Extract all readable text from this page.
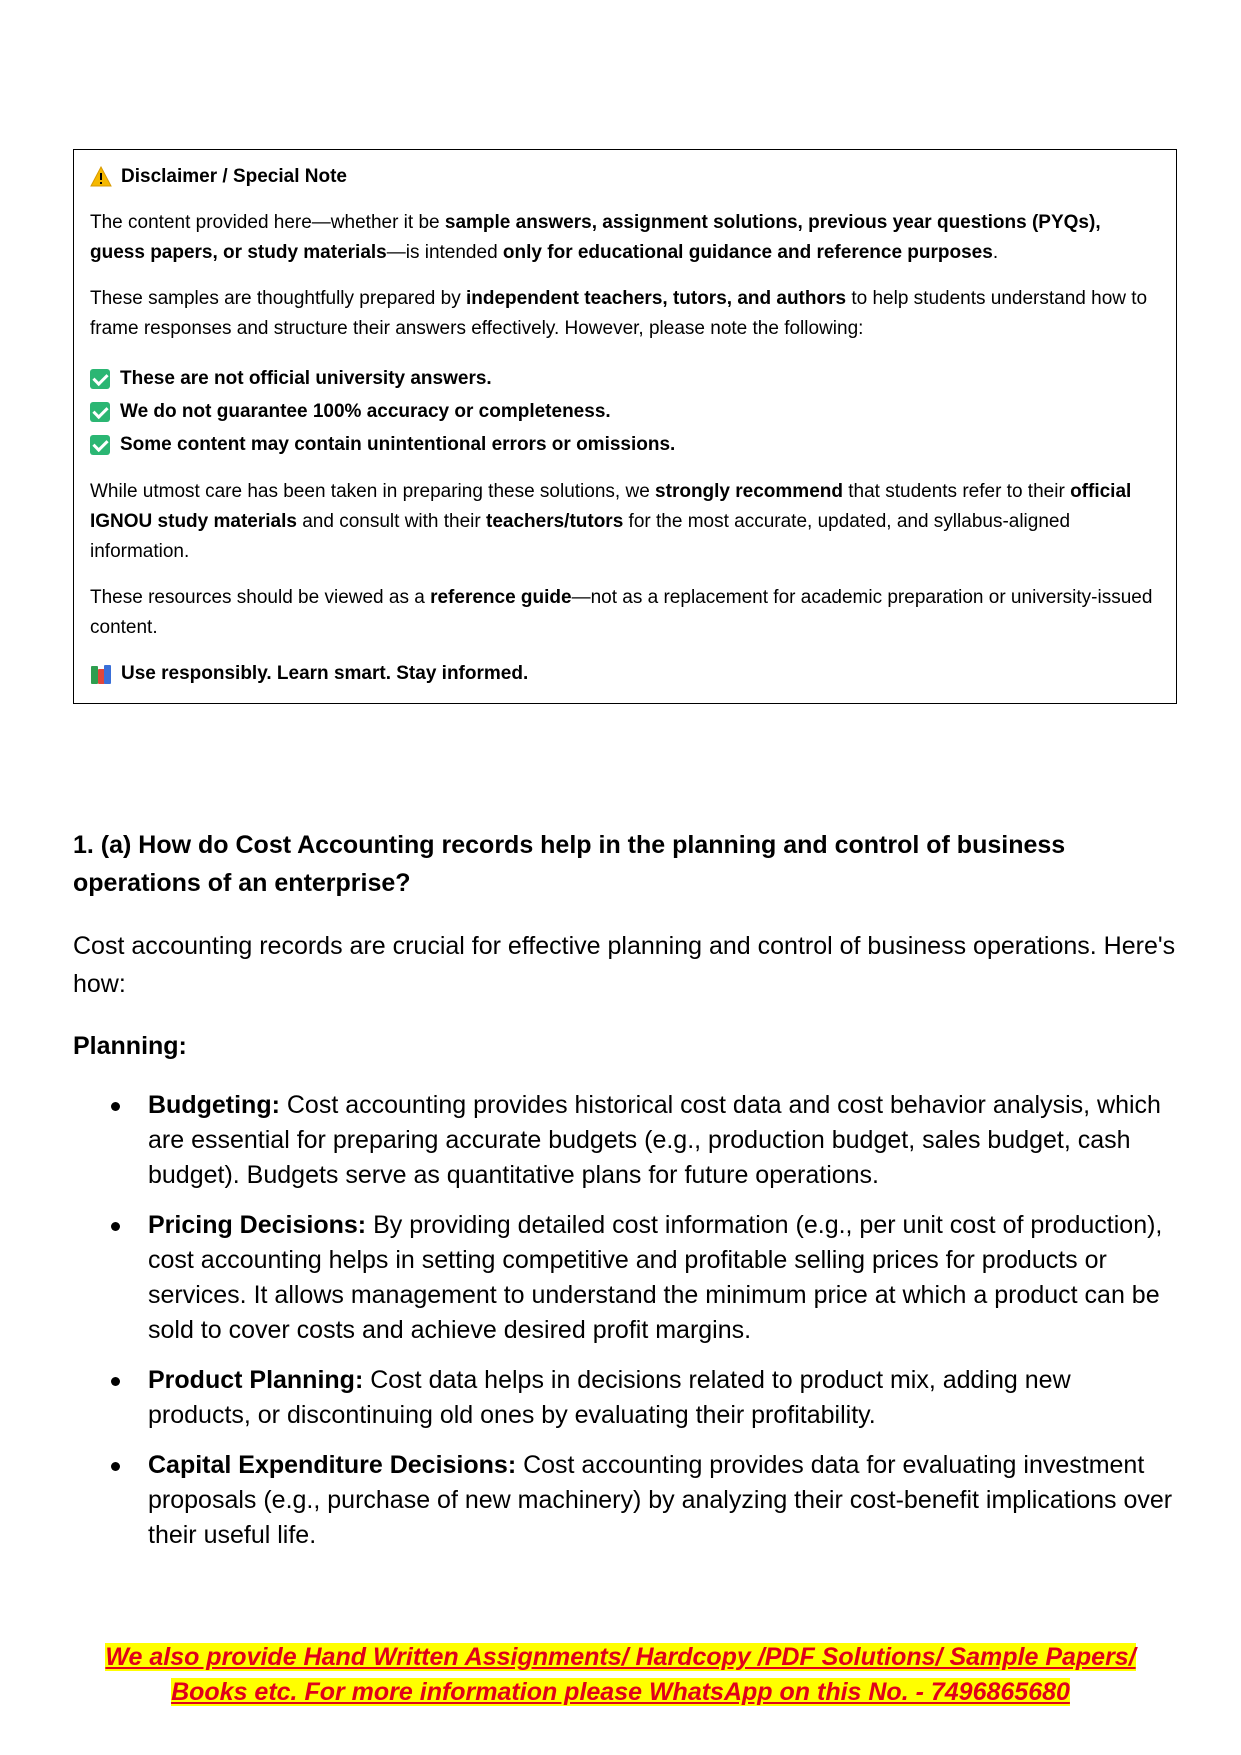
Disclaimer / Special Note

The content provided here—whether it be sample answers, assignment solutions, previous year questions (PYQs), guess papers, or study materials—is intended only for educational guidance and reference purposes.

These samples are thoughtfully prepared by independent teachers, tutors, and authors to help students understand how to frame responses and structure their answers effectively. However, please note the following:

These are not official university answers.
We do not guarantee 100% accuracy or completeness.
Some content may contain unintentional errors or omissions.

While utmost care has been taken in preparing these solutions, we strongly recommend that students refer to their official IGNOU study materials and consult with their teachers/tutors for the most accurate, updated, and syllabus-aligned information.

These resources should be viewed as a reference guide—not as a replacement for academic preparation or university-issued content.

Use responsibly. Learn smart. Stay informed.

1. (a) How do Cost Accounting records help in the planning and control of business operations of an enterprise?

Cost accounting records are crucial for effective planning and control of business operations. Here's how:

Planning:

Budgeting: Cost accounting provides historical cost data and cost behavior analysis, which are essential for preparing accurate budgets (e.g., production budget, sales budget, cash budget). Budgets serve as quantitative plans for future operations.
Pricing Decisions: By providing detailed cost information (e.g., per unit cost of production), cost accounting helps in setting competitive and profitable selling prices for products or services. It allows management to understand the minimum price at which a product can be sold to cover costs and achieve desired profit margins.
Product Planning: Cost data helps in decisions related to product mix, adding new products, or discontinuing old ones by evaluating their profitability.
Capital Expenditure Decisions: Cost accounting provides data for evaluating investment proposals (e.g., purchase of new machinery) by analyzing their cost-benefit implications over their useful life.

We also provide Hand Written Assignments/ Hardcopy /PDF Solutions/ Sample Papers/
Books etc. For more information please WhatsApp on this No. - 7496865680
